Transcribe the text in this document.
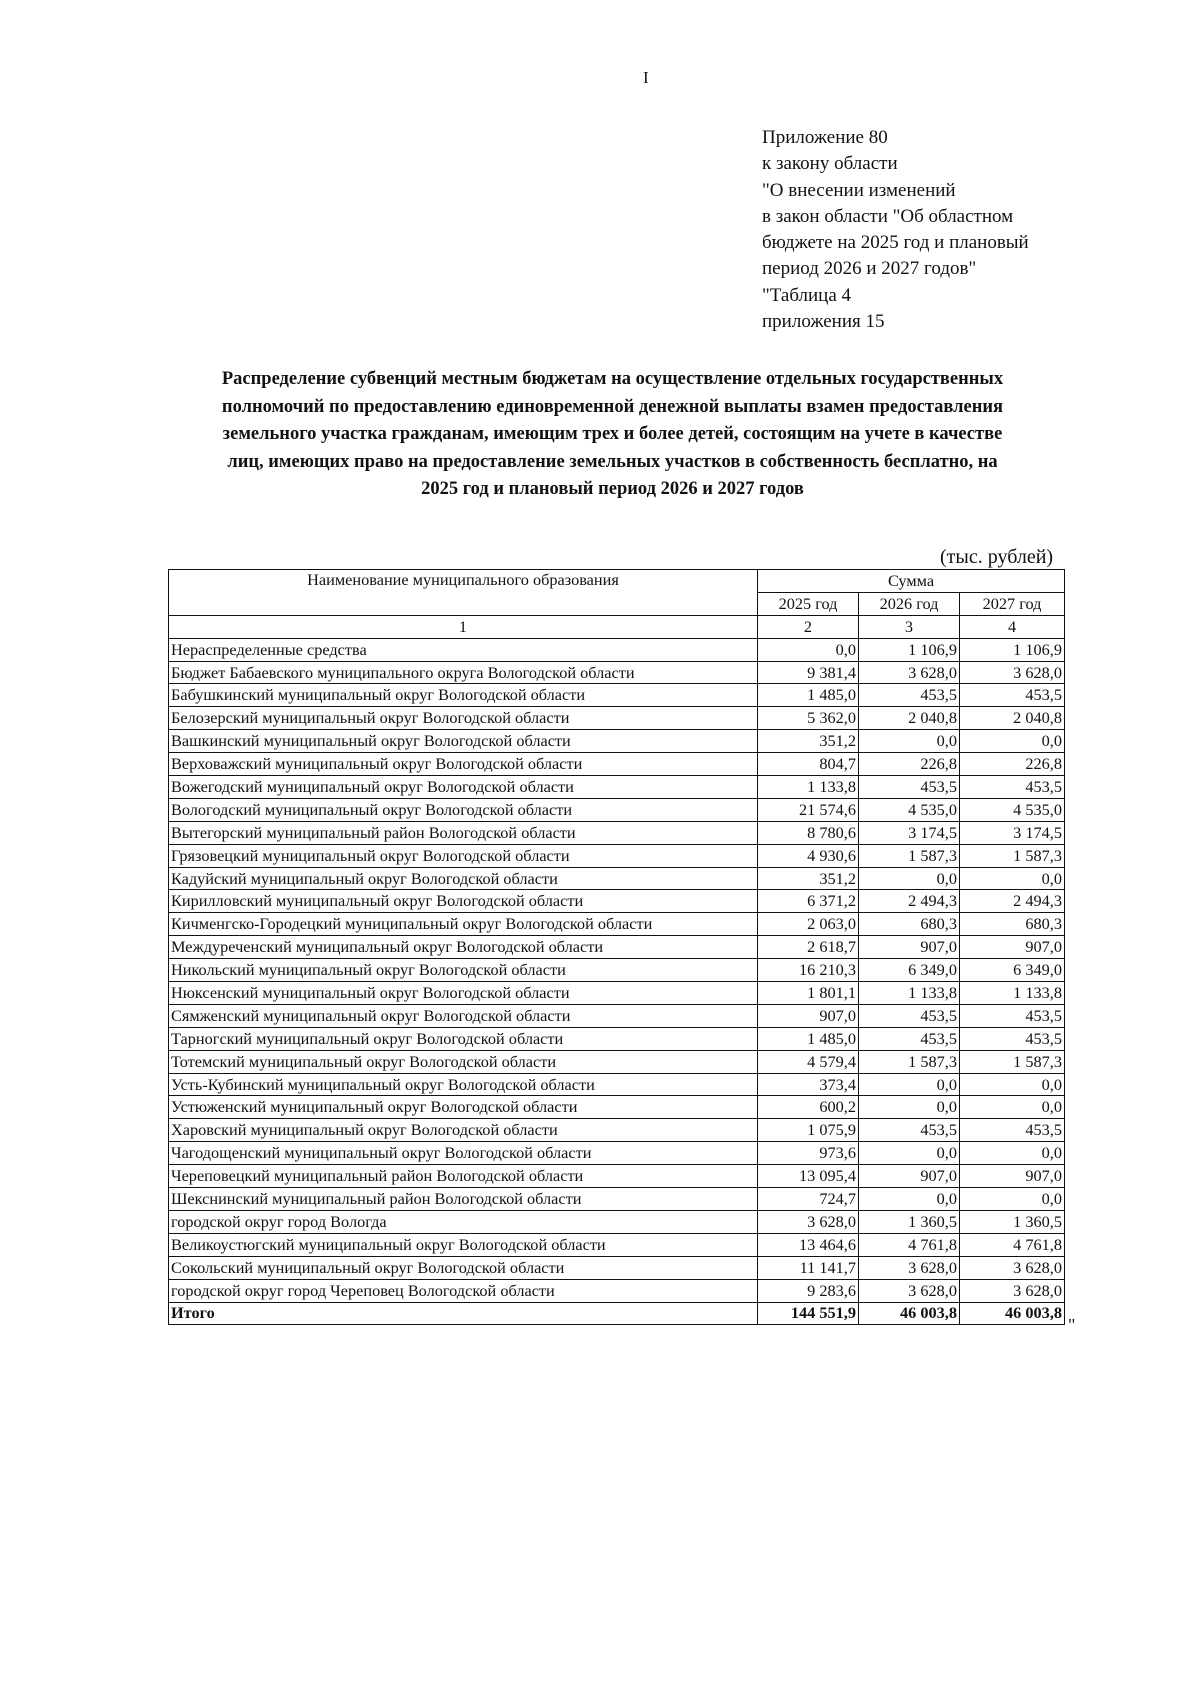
I
Приложение 80
к закону области
"О внесении изменений
в закон области "Об областном
бюджете на 2025 год и плановый
период 2026 и 2027 годов"
"Таблица 4
приложения 15
Распределение субвенций местным бюджетам на осуществление отдельных государственных
полномочий по предоставлению единовременной денежной выплаты взамен предоставления
земельного участка гражданам, имеющим трех и более детей, состоящим на учете в качестве
лиц, имеющих право на предоставление земельных участков в собственность бесплатно, на
2025 год и плановый период 2026 и 2027 годов
(тыс. рублей)
Наименование муниципального образования	Сумма		
	2025 год	2026 год	2027 год
1	2	3	4
Нераспределенные средства	0,0	1 106,9	1 106,9
Бюджет Бабаевского муниципального округа Вологодской области	9 381,4	3 628,0	3 628,0
Бабушкинский муниципальный округ Вологодской области	1 485,0	453,5	453,5
Белозерский муниципальный округ Вологодской области	5 362,0	2 040,8	2 040,8
Вашкинский муниципальный округ Вологодской области	351,2	0,0	0,0
Верховажский муниципальный округ Вологодской области	804,7	226,8	226,8
Вожегодский муниципальный округ Вологодской области	1 133,8	453,5	453,5
Вологодский муниципальный округ Вологодской области	21 574,6	4 535,0	4 535,0
Вытегорский муниципальный район Вологодской области	8 780,6	3 174,5	3 174,5
Грязовецкий муниципальный округ Вологодской области	4 930,6	1 587,3	1 587,3
Кадуйский муниципальный округ Вологодской области	351,2	0,0	0,0
Кирилловский муниципальный округ Вологодской области	6 371,2	2 494,3	2 494,3
Кичменгско-Городецкий муниципальный округ Вологодской области	2 063,0	680,3	680,3
Междуреченский муниципальный округ Вологодской области	2 618,7	907,0	907,0
Никольский муниципальный округ Вологодской области	16 210,3	6 349,0	6 349,0
Нюксенский муниципальный округ Вологодской области	1 801,1	1 133,8	1 133,8
Сямженский муниципальный округ Вологодской области	907,0	453,5	453,5
Тарногский муниципальный округ Вологодской области	1 485,0	453,5	453,5
Тотемский муниципальный округ Вологодской области	4 579,4	1 587,3	1 587,3
Усть-Кубинский муниципальный округ Вологодской области	373,4	0,0	0,0
Устюженский муниципальный округ Вологодской области	600,2	0,0	0,0
Харовский муниципальный округ Вологодской области	1 075,9	453,5	453,5
Чагодощенский муниципальный округ Вологодской области	973,6	0,0	0,0
Череповецкий муниципальный район Вологодской области	13 095,4	907,0	907,0
Шекснинский муниципальный район Вологодской области	724,7	0,0	0,0
городской округ город Вологда	3 628,0	1 360,5	1 360,5
Великоустюгский муниципальный округ Вологодской области	13 464,6	4 761,8	4 761,8
Сокольский муниципальный округ Вологодской области	11 141,7	3 628,0	3 628,0
городской округ город Череповец Вологодской области	9 283,6	3 628,0	3 628,0
Итого	144 551,9	46 003,8	46 003,8
"
